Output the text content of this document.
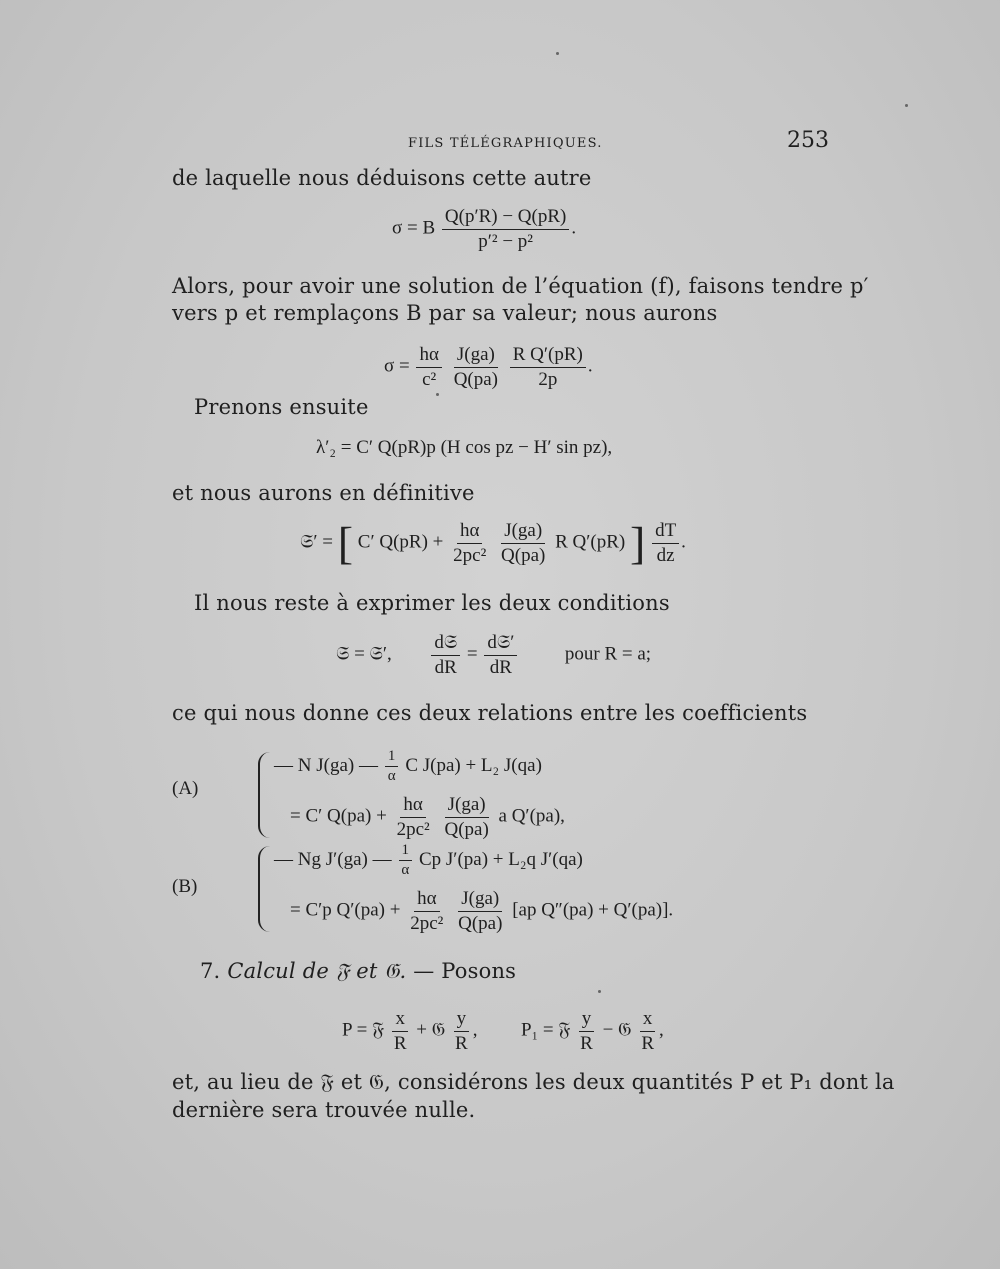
FILS TÉLÉGRAPHIQUES.	253
de laquelle nous déduisons cette autre
σ = B $\frac{Q(p'R) - Q(pR)}{\text{p′² − p²}}$ .
Alors, pour avoir une solution de l’équation (f), faisons tendre p′
vers p et remplaçons B par sa valeur; nous aurons
$\sigma = \frac{h\alpha}{\text{c²}}$
$\frac{J(ga)}{Q(pa)}$
$\frac{\text{R Q′(pR)}}{2p}$ .
Prenons ensuite
λ′₂ = C′ Q(pR)p (H cos pz − H′ sin pz),
et nous aurons en définitive
𝔖′ = [ C′ $Q(pR) + \frac{h\alpha}{\text{2pc²}}$
$\frac{J(ga)}{Q(pa)}$ R Q′(pR) ] $\frac{dT}{dz}$ .
Il nous reste à exprimer les deux conditions
𝔖 = 𝔖′, $\frac{\text{d𝔖}}{dR} = \frac{\text{d𝔖′}}{dR}$	pour R = a;
ce qui nous donne ces deux relations entre les coefficients
(A)
— N J(ga) — $\frac{1}{\alpha}$ C J(pa) + L₂ J(qa)
= C′ $Q(pa) + \frac{h\alpha}{\text{2pc²}}$
$\frac{J(ga)}{Q(pa)}$ a Q′(pa),
(B)
— Ng J′(ga) — $\frac{1}{\alpha}$ Cp J′(pa) + L₂q J′(qa)
= C′p $Q'(pa) + \frac{h\alpha}{\text{2pc²}}$
$\frac{J(ga)}{Q(pa)} [ap$ Q″(pa) + Q′(pa)].
7. Calcul de 𝔉 et 𝔊. — Posons
P = 𝔉 $\frac{x}{R}$ + 𝔊 $\frac{y}{R}$ , P₁ = 𝔉 $\frac{y}{R}$ − 𝔊 $\frac{x}{R}$ ,
et, au lieu de 𝔉 et 𝔊, considérons les deux quantités P et P₁ dont la
dernière sera trouvée nulle.
